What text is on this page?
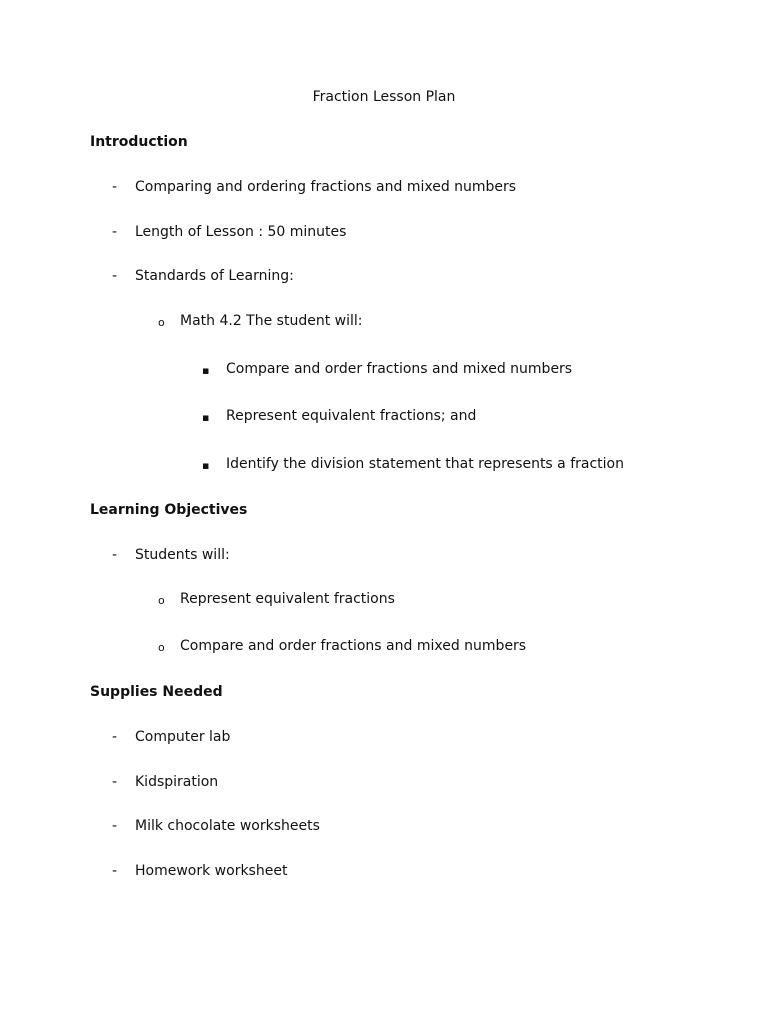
Fraction Lesson Plan
Introduction
- Comparing and ordering fractions and mixed numbers
- Length of Lesson : 50 minutes
- Standards of Learning:
o Math 4.2 The student will:
▪ Compare and order fractions and mixed numbers
▪ Represent equivalent fractions; and
▪ Identify the division statement that represents a fraction
Learning Objectives
- Students will:
o Represent equivalent fractions
o Compare and order fractions and mixed numbers
Supplies Needed
- Computer lab
- Kidspiration
- Milk chocolate worksheets
- Homework worksheet
